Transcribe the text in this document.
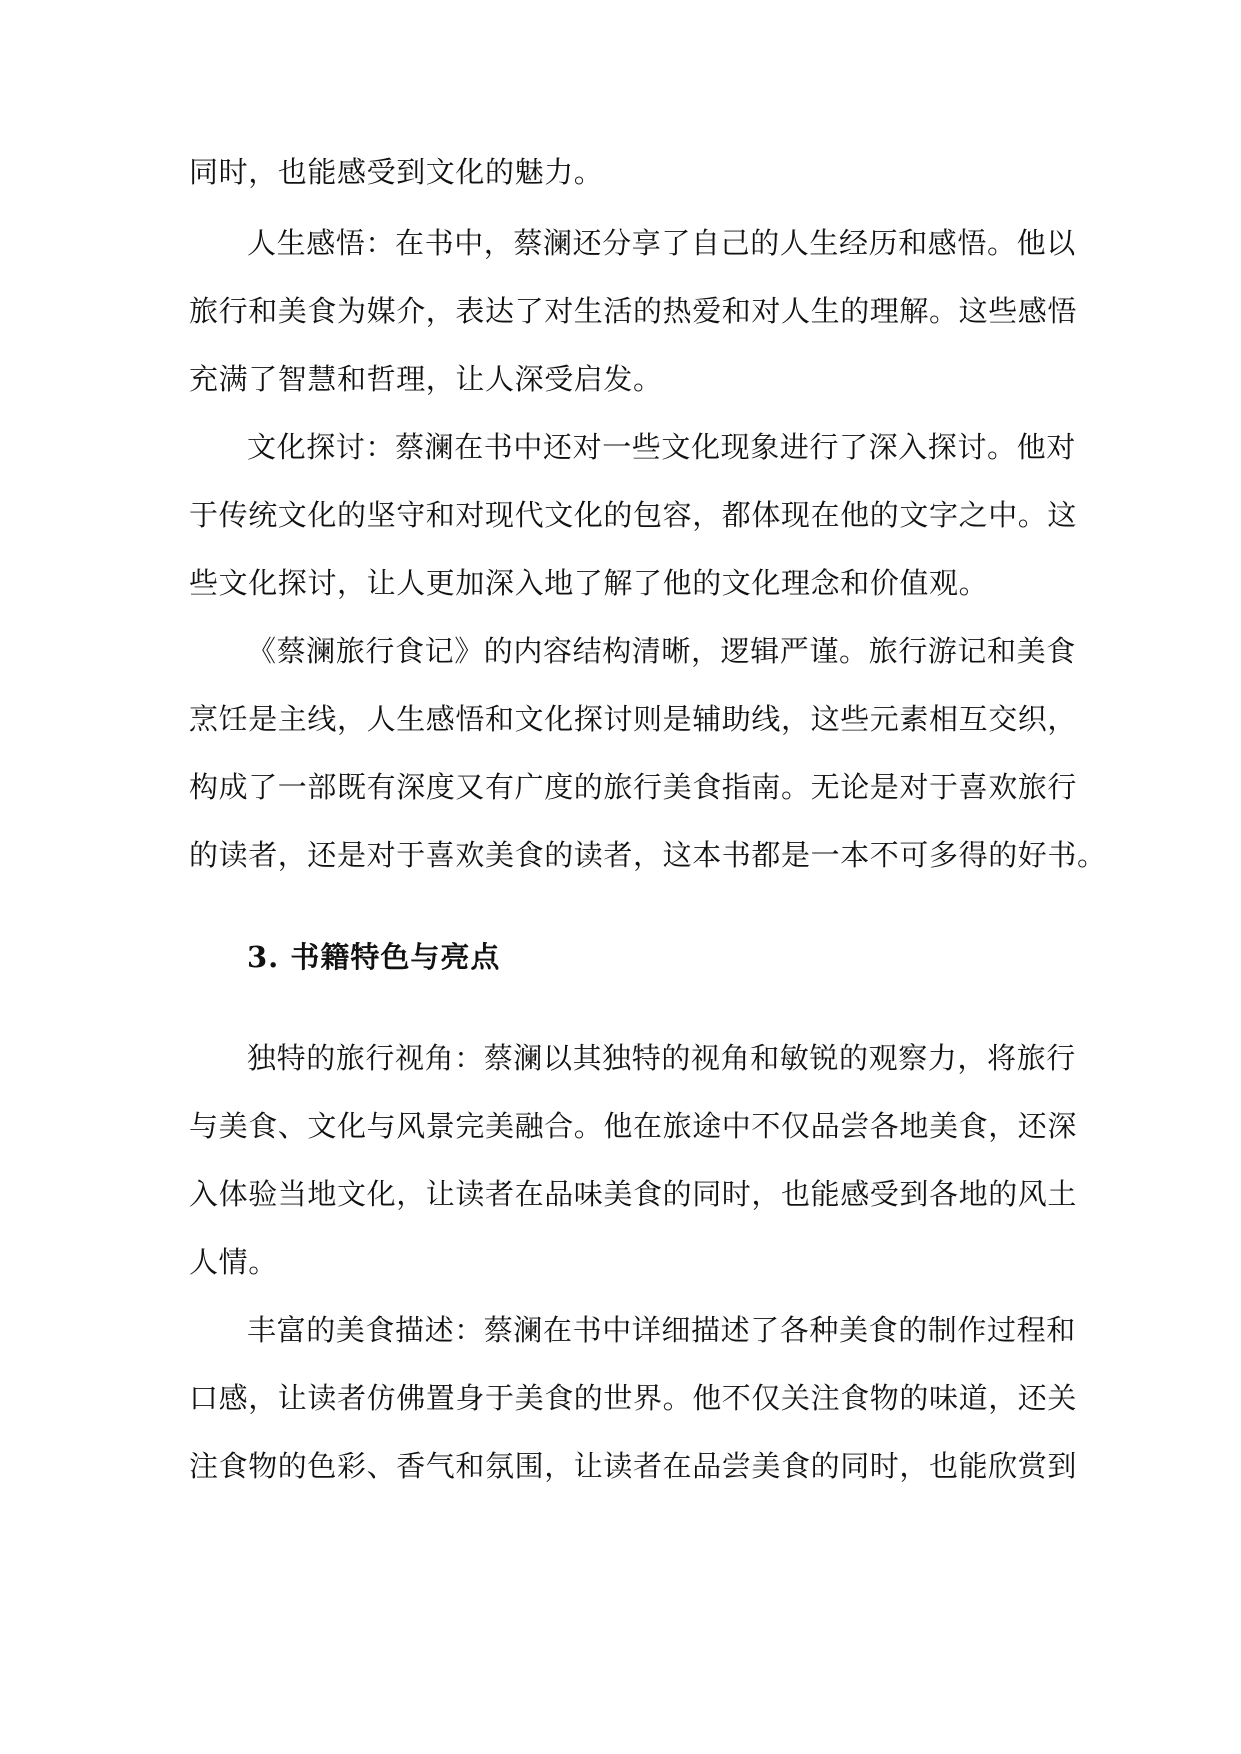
同时，也能感受到文化的魅力。
人生感悟：在书中，蔡澜还分享了自己的人生经历和感悟。他以
旅行和美食为媒介，表达了对生活的热爱和对人生的理解。这些感悟
充满了智慧和哲理，让人深受启发。
文化探讨：蔡澜在书中还对一些文化现象进行了深入探讨。他对
于传统文化的坚守和对现代文化的包容，都体现在他的文字之中。这
些文化探讨，让人更加深入地了解了他的文化理念和价值观。
《蔡澜旅行食记》的内容结构清晰，逻辑严谨。旅行游记和美食
烹饪是主线，人生感悟和文化探讨则是辅助线，这些元素相互交织，
构成了一部既有深度又有广度的旅行美食指南。无论是对于喜欢旅行
的读者，还是对于喜欢美食的读者，这本书都是一本不可多得的好书。
3. 书籍特色与亮点
独特的旅行视角：蔡澜以其独特的视角和敏锐的观察力，将旅行
与美食、文化与风景完美融合。他在旅途中不仅品尝各地美食，还深
入体验当地文化，让读者在品味美食的同时，也能感受到各地的风土
人情。
丰富的美食描述：蔡澜在书中详细描述了各种美食的制作过程和
口感，让读者仿佛置身于美食的世界。他不仅关注食物的味道，还关
注食物的色彩、香气和氛围，让读者在品尝美食的同时，也能欣赏到
